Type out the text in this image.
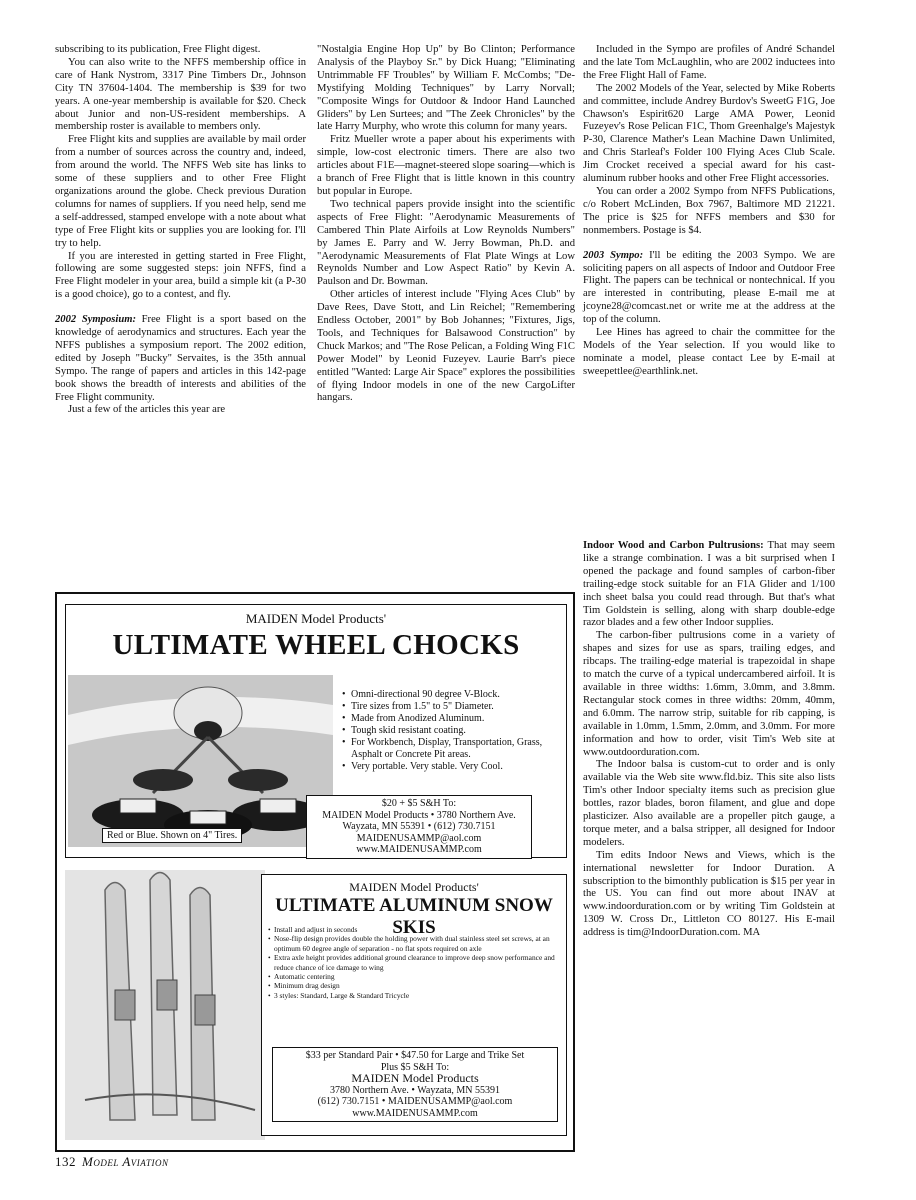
subscribing to its publication, Free Flight digest.

You can also write to the NFFS membership office in care of Hank Nystrom, 3317 Pine Timbers Dr., Johnson City TN 37604-1404. The membership is $39 for two years. A one-year membership is available for $20. Check about Junior and non-US-resident memberships. A membership roster is available to members only.

Free Flight kits and supplies are available by mail order from a number of sources across the country and, indeed, from around the world. The NFFS Web site has links to some of these suppliers and to other Free Flight organizations around the globe. Check previous Duration columns for names of suppliers. If you need help, send me a self-addressed, stamped envelope with a note about what type of Free Flight kits or supplies you are looking for. I'll try to help.

If you are interested in getting started in Free Flight, following are some suggested steps: join NFFS, find a Free Flight modeler in your area, build a simple kit (a P-30 is a good choice), go to a contest, and fly.

2002 Symposium: Free Flight is a sport based on the knowledge of aerodynamics and structures. Each year the NFFS publishes a symposium report. The 2002 edition, edited by Joseph "Bucky" Servaites, is the 35th annual Sympo. The range of papers and articles in this 142-page book shows the breadth of interests and abilities of the Free Flight community.

Just a few of the articles this year are

"Nostalgia Engine Hop Up" by Bo Clinton; Performance Analysis of the Playboy Sr." by Dick Huang; "Eliminating Untrimmable FF Troubles" by William F. McCombs; "De-Mystifying Molding Techniques" by Larry Norvall; "Composite Wings for Outdoor & Indoor Hand Launched Gliders" by Len Surtees; and "The Zeek Chronicles" by the late Harry Murphy, who wrote this column for many years.

Fritz Mueller wrote a paper about his experiments with simple, low-cost electronic timers. There are also two articles about F1E—magnet-steered slope soaring—which is a branch of Free Flight that is little known in this country but popular in Europe.

Two technical papers provide insight into the scientific aspects of Free Flight: "Aerodynamic Measurements of Cambered Thin Plate Airfoils at Low Reynolds Numbers" by James E. Parry and W. Jerry Bowman, Ph.D. and "Aerodynamic Measurements of Flat Plate Wings at Low Reynolds Number and Low Aspect Ratio" by Kevin A. Paulson and Dr. Bowman.

Other articles of interest include "Flying Aces Club" by Dave Rees, Dave Stott, and Lin Reichel; "Remembering Endless October, 2001" by Bob Johannes; "Fixtures, Jigs, Tools, and Techniques for Balsawood Construction" by Chuck Markos; and "The Rose Pelican, a Folding Wing F1C Power Model" by Leonid Fuzeyev. Laurie Barr's piece entitled "Wanted: Large Air Space" explores the possibilities of flying Indoor models in one of the new CargoLifter hangars.

Included in the Sympo are profiles of André Schandel and the late Tom McLaughlin, who are 2002 inductees into the Free Flight Hall of Fame.

The 2002 Models of the Year, selected by Mike Roberts and committee, include Andrey Burdov's SweetG F1G, Joe Chawson's Espirit620 Large AMA Power, Leonid Fuzeyev's Rose Pelican F1C, Thom Greenhalge's Majestyk P-30, Clarence Mather's Lean Machine Dawn Unlimited, and Chris Starleaf's Folder 100 Flying Aces Club Scale. Jim Crocket received a special award for his cast-aluminum rubber hooks and other Free Flight accessories.

You can order a 2002 Sympo from NFFS Publications, c/o Robert McLinden, Box 7967, Baltimore MD 21221. The price is $25 for NFFS members and $30 for nonmembers. Postage is $4.

2003 Sympo: I'll be editing the 2003 Sympo. We are soliciting papers on all aspects of Indoor and Outdoor Free Flight. The papers can be technical or nontechnical. If you are interested in contributing, please E-mail me at jcoyne28@comcast.net or write me at the address at the top of the column.

Lee Hines has agreed to chair the committee for the Models of the Year selection. If you would like to nominate a model, please contact Lee by E-mail at sweepettlee@earthlink.net.

Indoor Wood and Carbon Pultrusions: That may seem like a strange combination. I was a bit surprised when I opened the package and found samples of carbon-fiber trailing-edge stock suitable for an F1A Glider and 1/100 inch sheet balsa you could read through. But that's what Tim Goldstein is selling, along with sharp double-edge razor blades and a few other Indoor supplies.

The carbon-fiber pultrusions come in a variety of shapes and sizes for use as spars, trailing edges, and ribcaps. The trailing-edge material is trapezoidal in shape to match the curve of a typical undercambered airfoil. It is available in three widths: 1.6mm, 3.0mm, and 3.8mm. Rectangular stock comes in three widths: 20mm, 40mm, and 6.0mm. The narrow strip, suitable for rib capping, is available in 1.0mm, 1.5mm, 2.0mm, and 3.0mm. For more information and how to order, visit Tim's Web site at www.outdoorduration.com.

The Indoor balsa is custom-cut to order and is only available via the Web site www.fld.biz. This site also lists Tim's other Indoor specialty items such as precision glue bottles, razor blades, boron filament, and glue and dope plasticizer. Also available are a propeller pitch gauge, a torque meter, and a balsa stripper, all designed for Indoor modelers.

Tim edits Indoor News and Views, which is the international newsletter for Indoor Duration. A subscription to the bimonthly publication is $15 per year in the US. You can find out more about INAV at www.indoorduration.com or by writing Tim Goldstein at 1309 W. Cross Dr., Littleton CO 80127. His E-mail address is tim@IndoorDuration.com. MA

MAIDEN Model Products'
ULTIMATE WHEEL CHOCKS
Red or Blue. Shown on 4" Tires.
• Omni-directional 90 degree V-Block.
• Tire sizes from 1.5" to 5" Diameter.
• Made from Anodized Aluminum.
• Tough skid resistant coating.
• For Workbench, Display, Transportation, Grass, Asphalt or Concrete Pit areas.
• Very portable. Very stable. Very Cool.
$20 + $5 S&H To:
MAIDEN Model Products • 3780 Northern Ave.
Wayzata, MN 55391 • (612) 730.7151
MAIDENUSAMMP@aol.com
www.MAIDENUSAMMP.com
MAIDEN Model Products'
ULTIMATE ALUMINUM SNOW SKIS
• Install and adjust in seconds
• Nose-flip design provides double the holding power with dual stainless steel set screws, at an optimum 60 degree angle of separation - no flat spots required on axle
• Extra axle height provides additional ground clearance to improve deep snow performance and reduce chance of ice damage to wing
• Automatic centering
• Minimum drag design
• 3 styles: Standard, Large & Standard Tricycle
$33 per Standard Pair • $47.50 for Large and Trike Set
Plus $5 S&H To:
MAIDEN Model Products
3780 Northern Ave. • Wayzata, MN 55391
(612) 730.7151 • MAIDENUSAMMP@aol.com
www.MAIDENUSAMMP.com
132 Model Aviation
